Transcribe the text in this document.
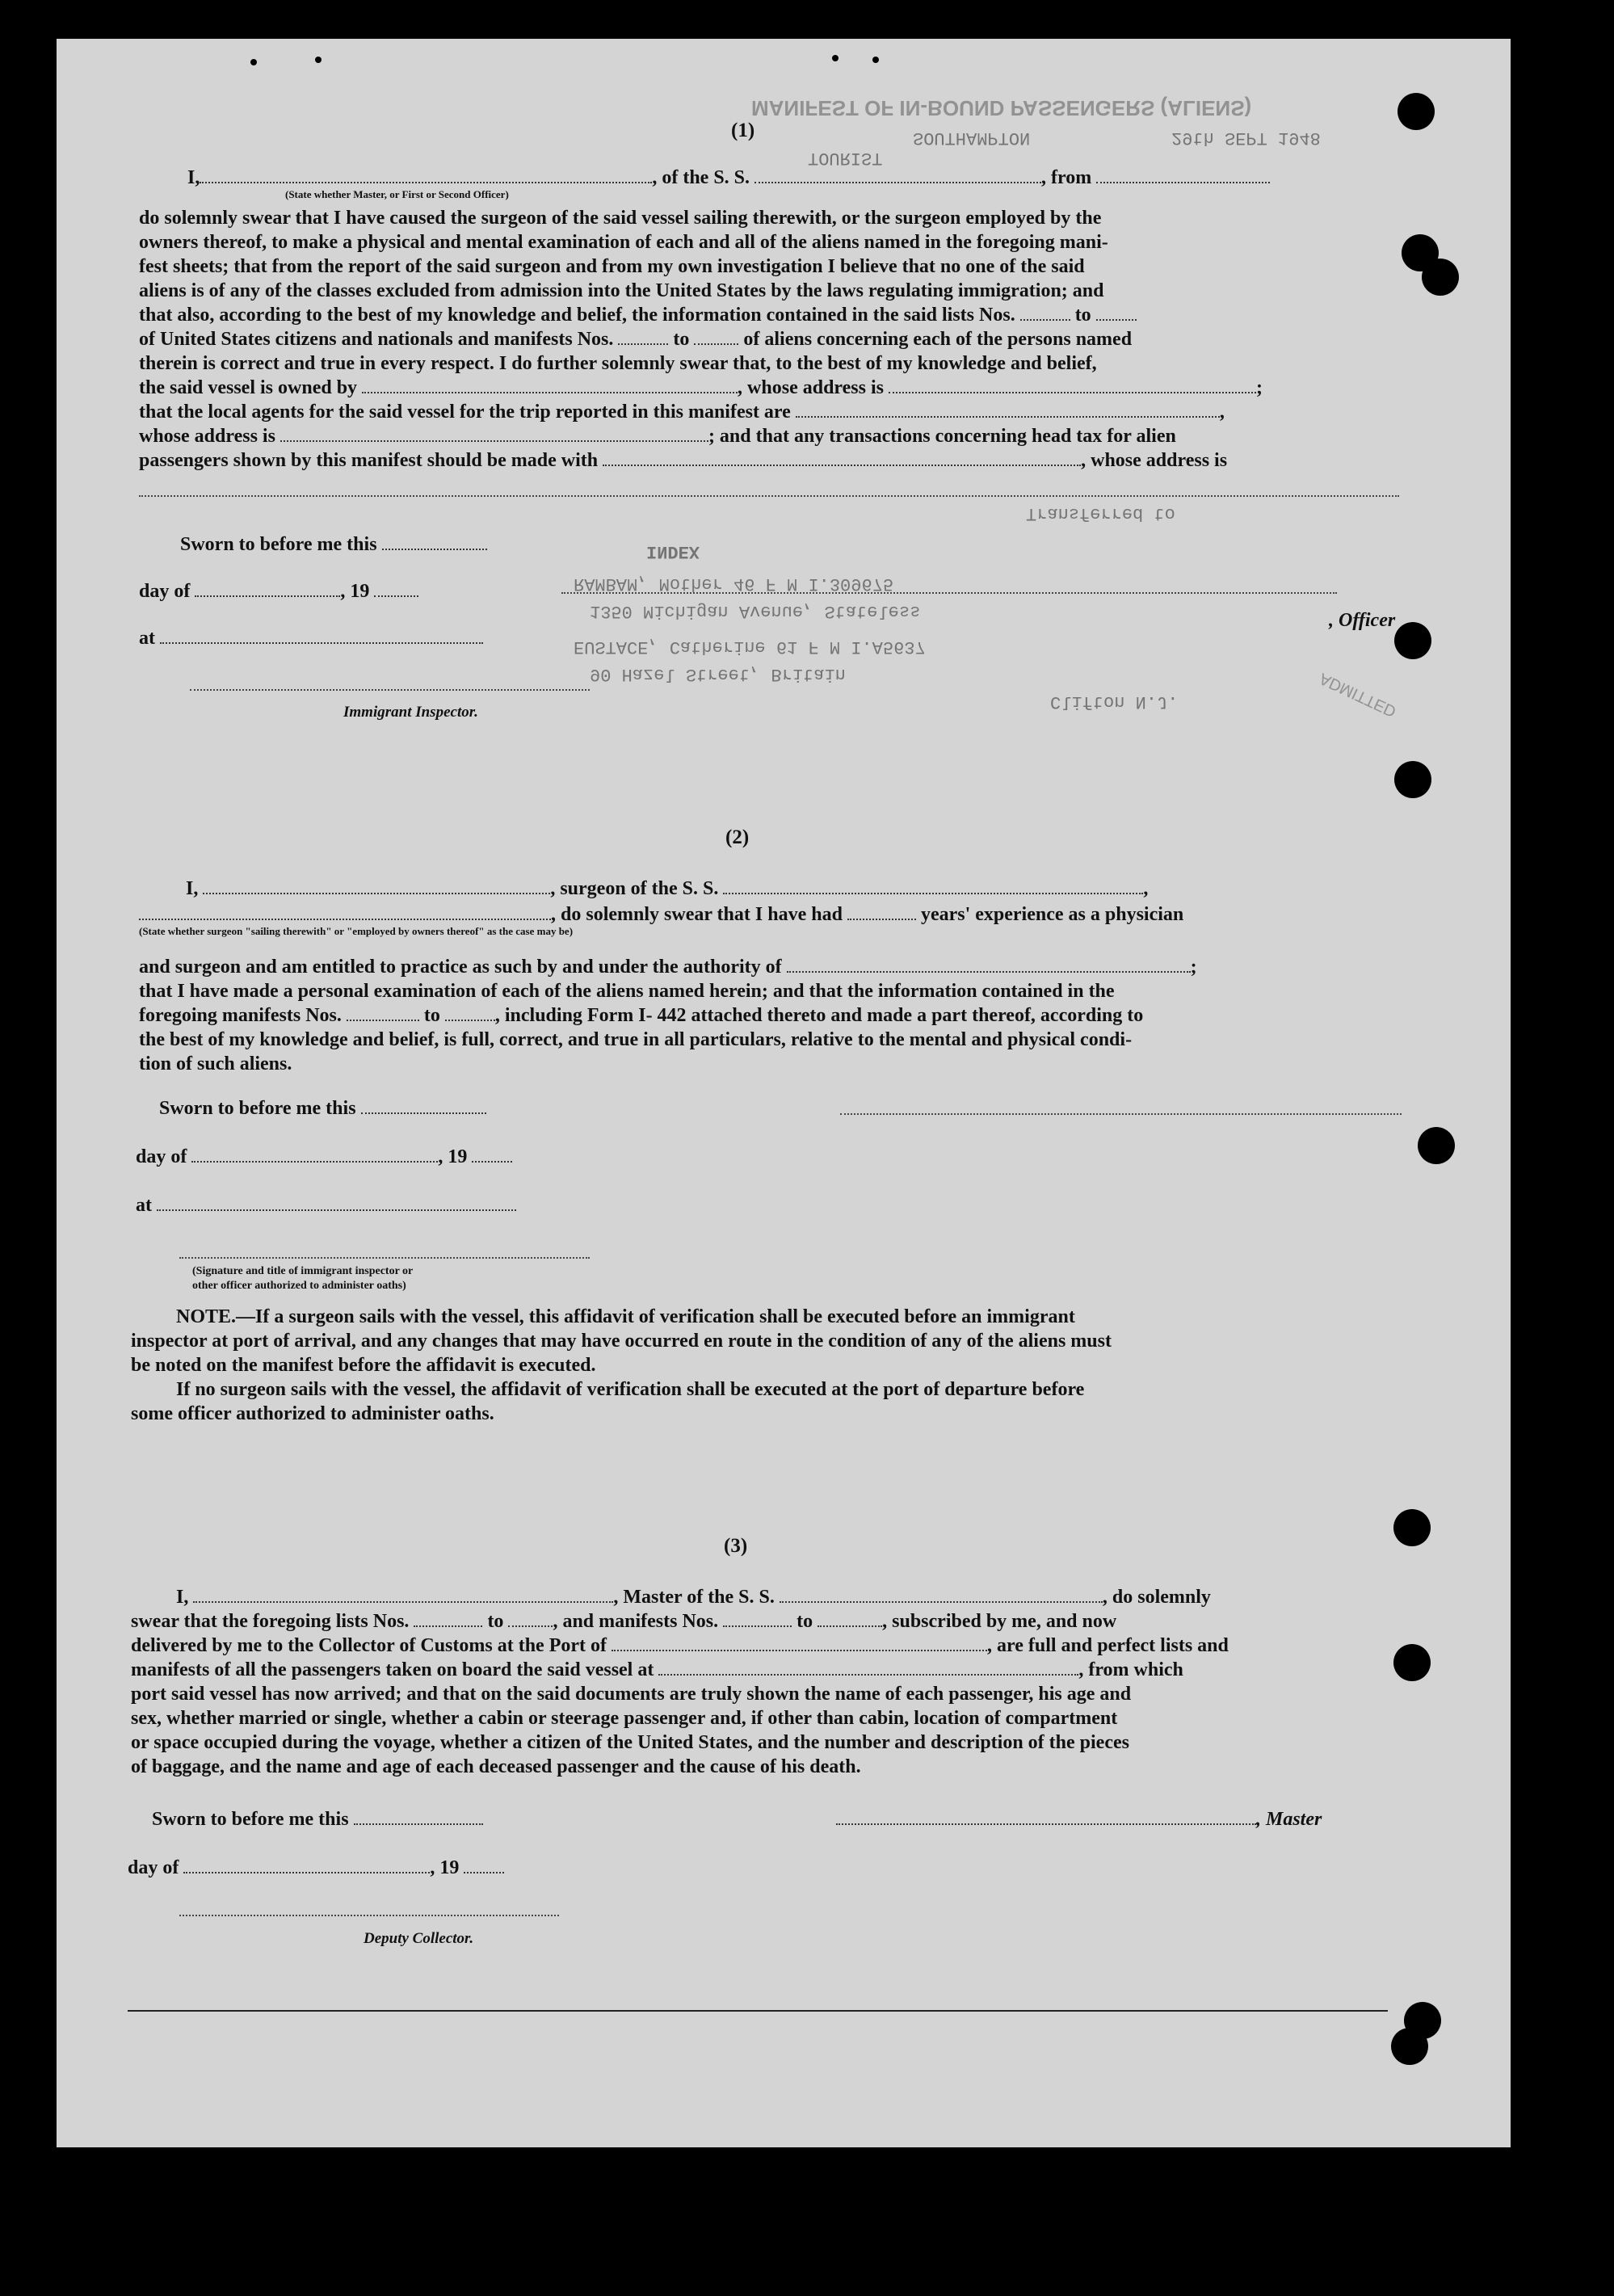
MANIFEST OF IN-BOUND PASSENGERS (ALIENS)
SOUTHAMPTON
TOURIST
29th SEPT 1948
Transferred to
INDEX
RAMBAM, Mother 46 F M I.309675
1350 Michigan Avenue, Stateless
EUSTACE, Catherine 61 F M I.A5637
90 Hazel Street, Britain
Clifton N.J.	ADMITTED
(1)
I,	, of the S. S.	, from
(State whether Master, or First or Second Officer)
do solemnly swear that I have caused the surgeon of the said vessel sailing therewith, or the surgeon employed by the
owners thereof, to make a physical and mental examination of each and all of the aliens named in the foregoing mani-
fest sheets; that from the report of the said surgeon and from my own investigation I believe that no one of the said
aliens is of any of the classes excluded from admission into the United States by the laws regulating immigration; and
that also, according to the best of my knowledge and belief, the information contained in the said lists Nos.	to
of United States citizens and nationals and manifests Nos.	to	of aliens concerning each of the persons named
therein is correct and true in every respect. I do further solemnly swear that, to the best of my knowledge and belief,
the said vessel is owned by	, whose address is	;
that the local agents for the said vessel for the trip reported in this manifest are	,
whose address is	; and that any transactions concerning head tax for alien
passengers shown by this manifest should be made with	, whose address is
Sworn to before me this
day of	, 19
, Officer
at
Immigrant Inspector.
(2)
I,	, surgeon of the S. S.	,
, do solemnly swear that I have had	years' experience as a physician
(State whether surgeon "sailing therewith" or "employed by owners thereof" as the case may be)
and surgeon and am entitled to practice as such by and under the authority of	;
that I have made a personal examination of each of the aliens named herein; and that the information contained in the
foregoing manifests Nos.	to	, including Form I- 442 attached thereto and made a part thereof, according to
the best of my knowledge and belief, is full, correct, and true in all particulars, relative to the mental and physical condi-
tion of such aliens.
Sworn to before me this
day of	, 19
at
(Signature and title of immigrant inspector or
other officer authorized to administer oaths)
NOTE.—If a surgeon sails with the vessel, this affidavit of verification shall be executed before an immigrant
inspector at port of arrival, and any changes that may have occurred en route in the condition of any of the aliens must
be noted on the manifest before the affidavit is executed.
If no surgeon sails with the vessel, the affidavit of verification shall be executed at the port of departure before
some officer authorized to administer oaths.
(3)
I,	, Master of the S. S.	, do solemnly
swear that the foregoing lists Nos.	to	, and manifests Nos.	to	, subscribed by me, and now
delivered by me to the Collector of Customs at the Port of	, are full and perfect lists and
manifests of all the passengers taken on board the said vessel at	, from which
port said vessel has now arrived; and that on the said documents are truly shown the name of each passenger, his age and
sex, whether married or single, whether a cabin or steerage passenger and, if other than cabin, location of compartment
or space occupied during the voyage, whether a citizen of the United States, and the number and description of the pieces
of baggage, and the name and age of each deceased passenger and the cause of his death.
Sworn to before me this	, Master
day of	, 19
Deputy Collector.
